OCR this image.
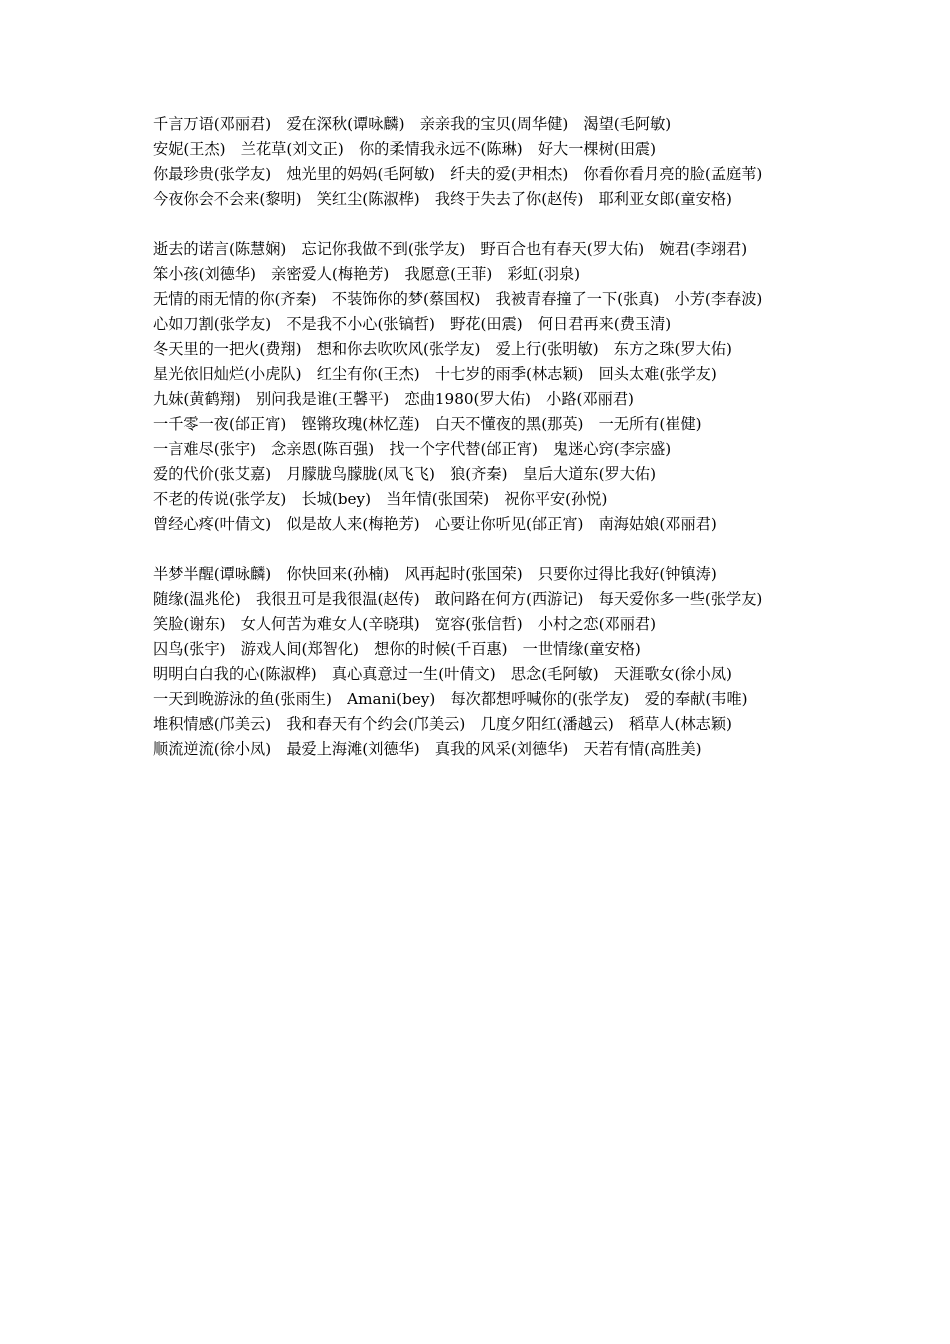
千言万语(邓丽君)　爱在深秋(谭咏麟)　亲亲我的宝贝(周华健)　渴望(毛阿敏)

安妮(王杰)　兰花草(刘文正)　你的柔情我永远不(陈琳)　好大一棵树(田震)

你最珍贵(张学友)　烛光里的妈妈(毛阿敏)　纤夫的爱(尹相杰)　你看你看月亮的脸(孟庭苇)

今夜你会不会来(黎明)　笑红尘(陈淑桦)　我终于失去了你(赵传)　耶利亚女郎(童安格)

逝去的诺言(陈慧娴)　忘记你我做不到(张学友)　野百合也有春天(罗大佑)　婉君(李翊君)

笨小孩(刘德华)　亲密爱人(梅艳芳)　我愿意(王菲)　彩虹(羽泉)

无情的雨无情的你(齐秦)　不装饰你的梦(蔡国权)　我被青春撞了一下(张真)　小芳(李春波)

心如刀割(张学友)　不是我不小心(张镐哲)　野花(田震)　何日君再来(费玉清)

冬天里的一把火(费翔)　想和你去吹吹风(张学友)　爱上行(张明敏)　东方之珠(罗大佑)

星光依旧灿烂(小虎队)　红尘有你(王杰)　十七岁的雨季(林志颖)　回头太难(张学友)

九妹(黄鹤翔)　别问我是谁(王馨平)　恋曲1980(罗大佑)　小路(邓丽君)

一千零一夜(邰正宵)　铿锵玫瑰(林忆莲)　白天不懂夜的黑(那英)　一无所有(崔健)

一言难尽(张宇)　念亲恩(陈百强)　找一个字代替(邰正宵)　鬼迷心窍(李宗盛)

爱的代价(张艾嘉)　月朦胧鸟朦胧(凤飞飞)　狼(齐秦)　皇后大道东(罗大佑)

不老的传说(张学友)　长城(bey)　当年情(张国荣)　祝你平安(孙悦)

曾经心疼(叶倩文)　似是故人来(梅艳芳)　心要让你听见(邰正宵)　南海姑娘(邓丽君)

半梦半醒(谭咏麟)　你快回来(孙楠)　风再起时(张国荣)　只要你过得比我好(钟镇涛)

随缘(温兆伦)　我很丑可是我很温(赵传)　敢问路在何方(西游记)　每天爱你多一些(张学友)

笑脸(谢东)　女人何苦为难女人(辛晓琪)　宽容(张信哲)　小村之恋(邓丽君)

囚鸟(张宇)　游戏人间(郑智化)　想你的时候(千百惠)　一世情缘(童安格)

明明白白我的心(陈淑桦)　真心真意过一生(叶倩文)　思念(毛阿敏)　天涯歌女(徐小凤)

一天到晚游泳的鱼(张雨生)　Amani(bey)　每次都想呼喊你的(张学友)　爱的奉献(韦唯)

堆积情感(邝美云)　我和春天有个约会(邝美云)　几度夕阳红(潘越云)　稻草人(林志颖)

顺流逆流(徐小凤)　最爱上海滩(刘德华)　真我的风采(刘德华)　天若有情(高胜美)
